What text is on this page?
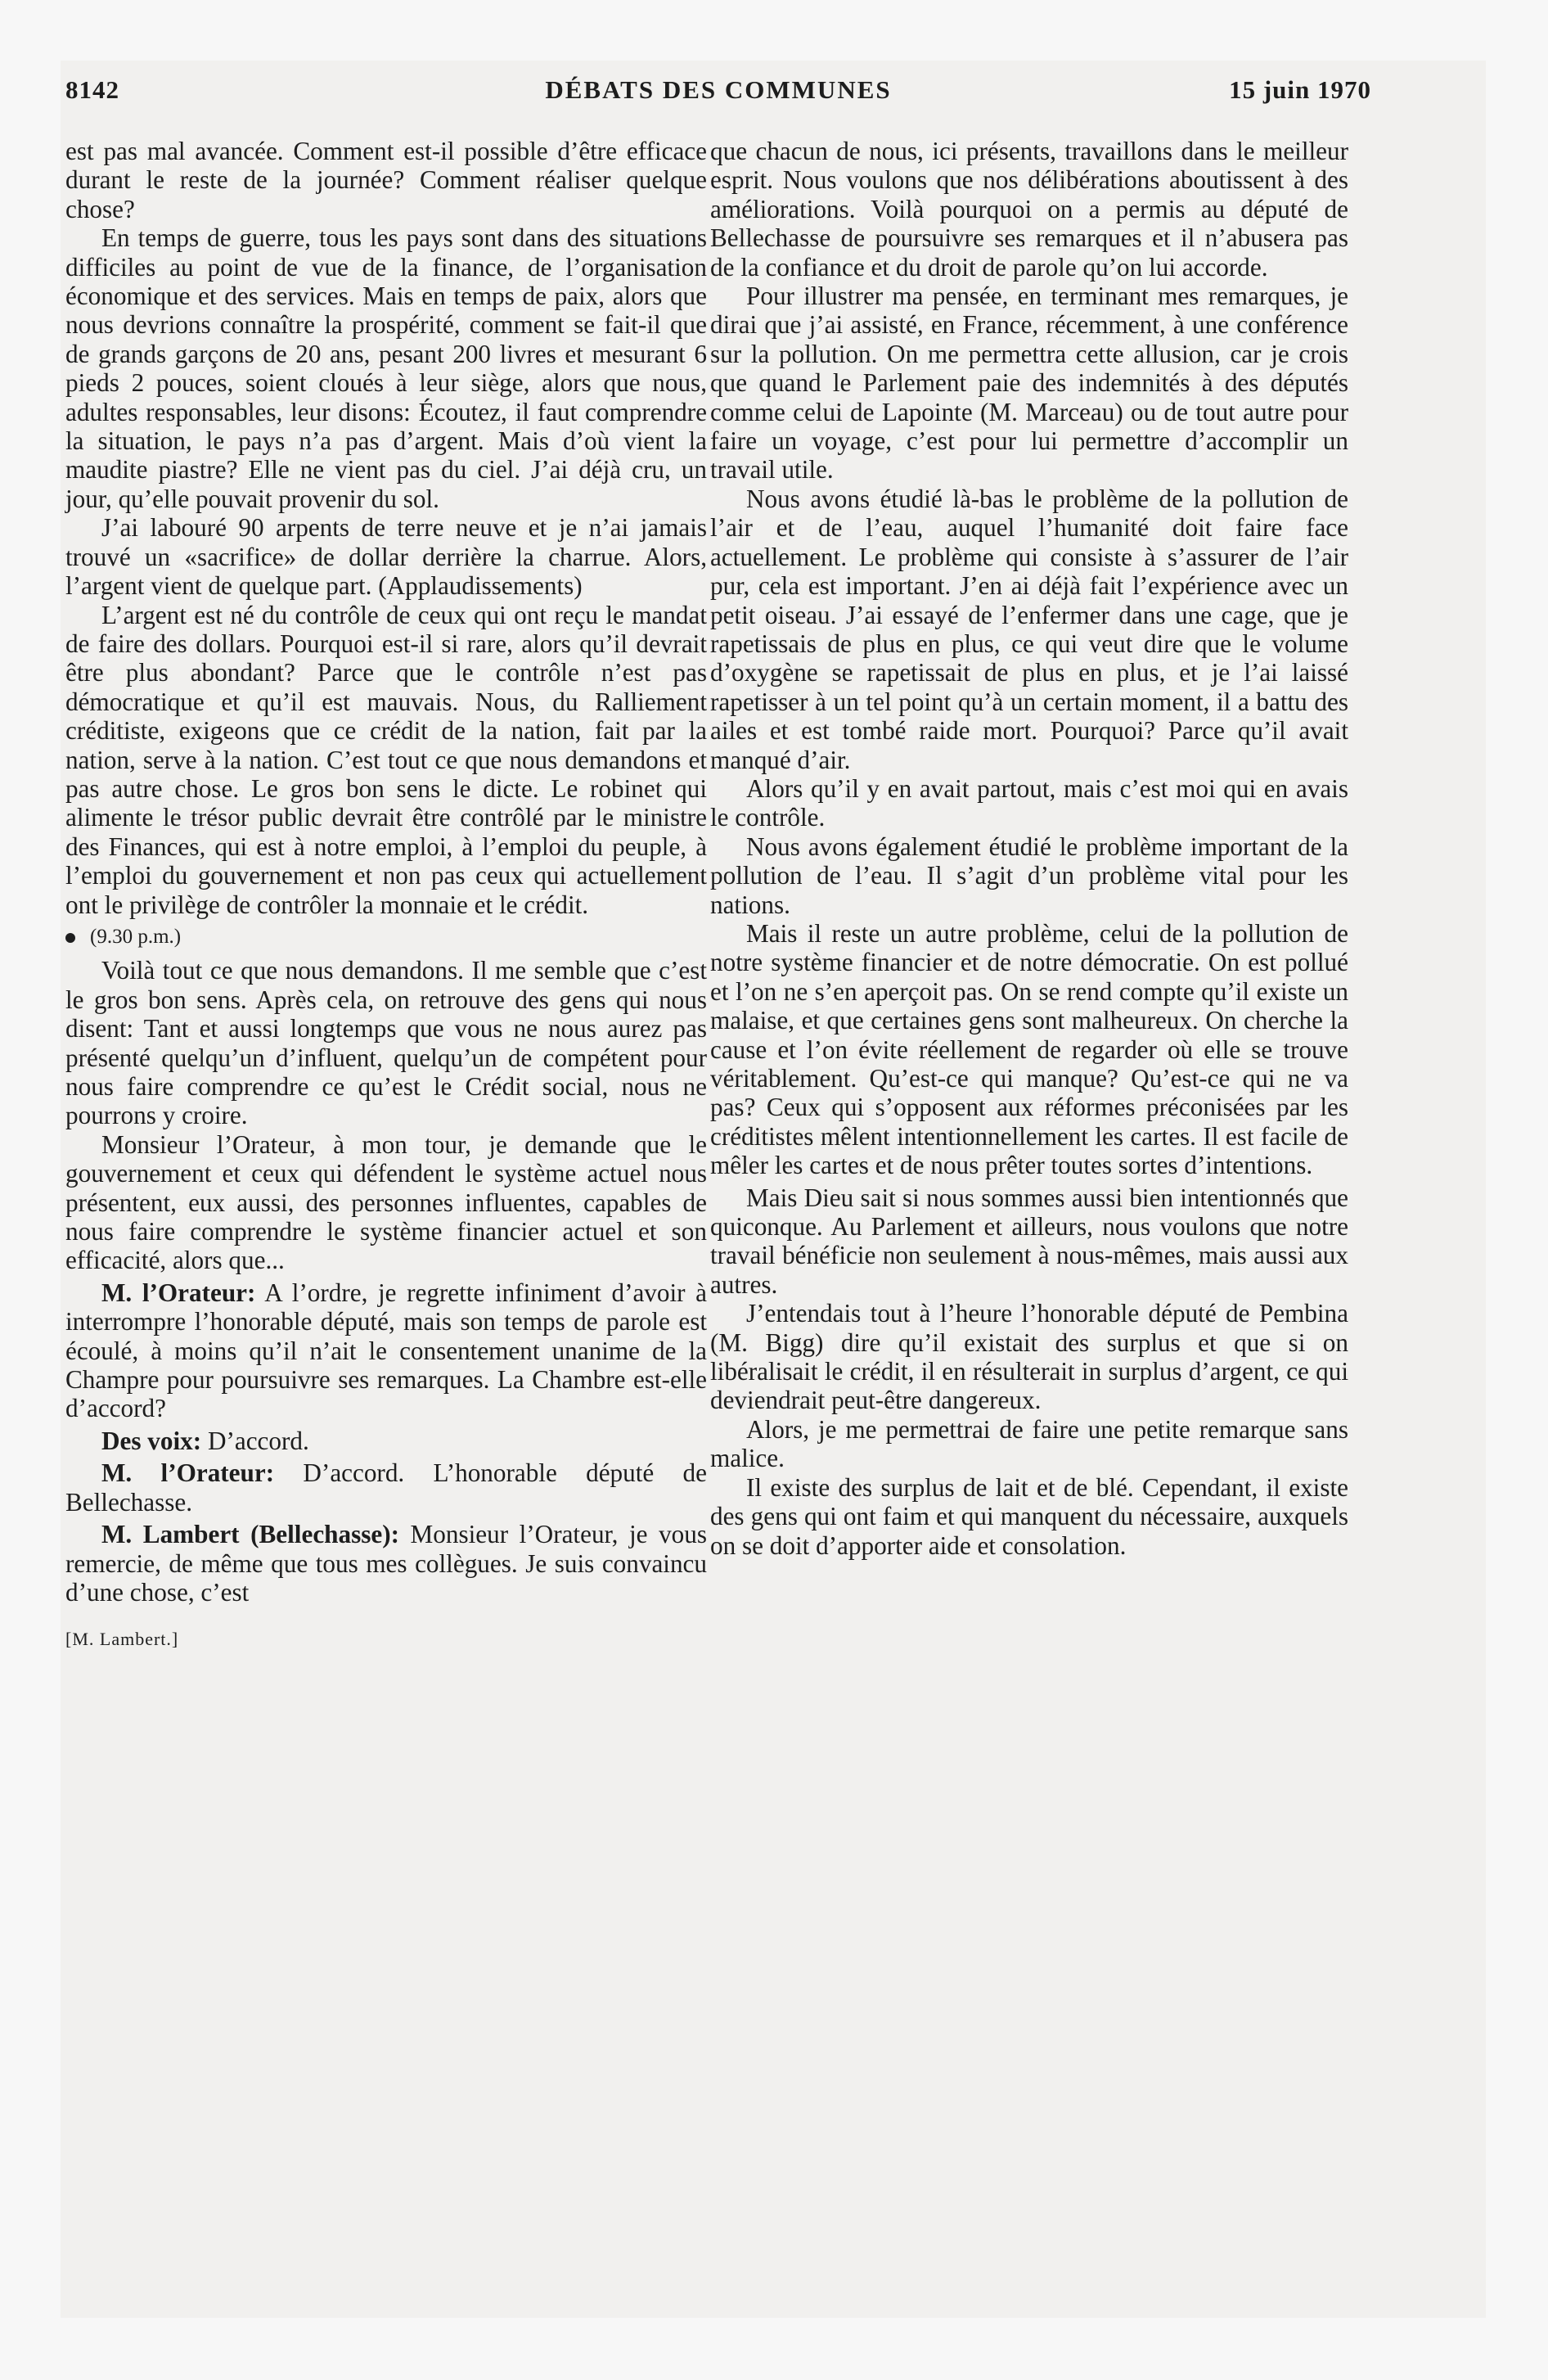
8142	DÉBATS DES COMMUNES	15 juin 1970

est pas mal avancée. Comment est-il possible d’être efficace durant le reste de la journée? Comment réaliser quelque chose?

En temps de guerre, tous les pays sont dans des situations difficiles au point de vue de la finance, de l’organisation économique et des services. Mais en temps de paix, alors que nous devrions connaître la prospérité, comment se fait-il que de grands garçons de 20 ans, pesant 200 livres et mesurant 6 pieds 2 pouces, soient cloués à leur siège, alors que nous, adultes responsables, leur disons: Écoutez, il faut comprendre la situation, le pays n’a pas d’argent. Mais d’où vient la maudite piastre? Elle ne vient pas du ciel. J’ai déjà cru, un jour, qu’elle pouvait provenir du sol.

J’ai labouré 90 arpents de terre neuve et je n’ai jamais trouvé un «sacrifice» de dollar derrière la charrue. Alors, l’argent vient de quelque part. (Applaudissements)

L’argent est né du contrôle de ceux qui ont reçu le mandat de faire des dollars. Pourquoi est-il si rare, alors qu’il devrait être plus abondant? Parce que le contrôle n’est pas démocratique et qu’il est mauvais. Nous, du Ralliement créditiste, exigeons que ce crédit de la nation, fait par la nation, serve à la nation. C’est tout ce que nous demandons et pas autre chose. Le gros bon sens le dicte. Le robinet qui alimente le trésor public devrait être contrôlé par le ministre des Finances, qui est à notre emploi, à l’emploi du peuple, à l’emploi du gouvernement et non pas ceux qui actuellement ont le privilège de contrôler la monnaie et le crédit.

(9.30 p.m.)

Voilà tout ce que nous demandons. Il me semble que c’est le gros bon sens. Après cela, on retrouve des gens qui nous disent: Tant et aussi longtemps que vous ne nous aurez pas présenté quelqu’un d’influent, quelqu’un de compétent pour nous faire comprendre ce qu’est le Crédit social, nous ne pourrons y croire.

Monsieur l’Orateur, à mon tour, je demande que le gouvernement et ceux qui défendent le système actuel nous présentent, eux aussi, des personnes influentes, capables de nous faire comprendre le système financier actuel et son efficacité, alors que...

M. l’Orateur: A l’ordre, je regrette infiniment d’avoir à interrompre l’honorable député, mais son temps de parole est écoulé, à moins qu’il n’ait le consentement unanime de la Champre pour poursuivre ses remarques. La Chambre est-elle d’accord?

Des voix: D’accord.

M. l’Orateur: D’accord. L’honorable député de Bellechasse.

M. Lambert (Bellechasse): Monsieur l’Orateur, je vous remercie, de même que tous mes collègues. Je suis convaincu d’une chose, c’est

[M. Lambert.]

que chacun de nous, ici présents, travaillons dans le meilleur esprit. Nous voulons que nos délibérations aboutissent à des améliorations. Voilà pourquoi on a permis au député de Bellechasse de poursuivre ses remarques et il n’abusera pas de la confiance et du droit de parole qu’on lui accorde.

Pour illustrer ma pensée, en terminant mes remarques, je dirai que j’ai assisté, en France, récemment, à une conférence sur la pollution. On me permettra cette allusion, car je crois que quand le Parlement paie des indemnités à des députés comme celui de Lapointe (M. Marceau) ou de tout autre pour faire un voyage, c’est pour lui permettre d’accomplir un travail utile.

Nous avons étudié là-bas le problème de la pollution de l’air et de l’eau, auquel l’humanité doit faire face actuellement. Le problème qui consiste à s’assurer de l’air pur, cela est important. J’en ai déjà fait l’expérience avec un petit oiseau. J’ai essayé de l’enfermer dans une cage, que je rapetissais de plus en plus, ce qui veut dire que le volume d’oxygène se rapetissait de plus en plus, et je l’ai laissé rapetisser à un tel point qu’à un certain moment, il a battu des ailes et est tombé raide mort. Pourquoi? Parce qu’il avait manqué d’air.

Alors qu’il y en avait partout, mais c’est moi qui en avais le contrôle.

Nous avons également étudié le problème important de la pollution de l’eau. Il s’agit d’un problème vital pour les nations.

Mais il reste un autre problème, celui de la pollution de notre système financier et de notre démocratie. On est pollué et l’on ne s’en aperçoit pas. On se rend compte qu’il existe un malaise, et que certaines gens sont malheureux. On cherche la cause et l’on évite réellement de regarder où elle se trouve véritablement. Qu’est-ce qui manque? Qu’est-ce qui ne va pas? Ceux qui s’opposent aux réformes préconisées par les créditistes mêlent intentionnellement les cartes. Il est facile de mêler les cartes et de nous prêter toutes sortes d’intentions.

Mais Dieu sait si nous sommes aussi bien intentionnés que quiconque. Au Parlement et ailleurs, nous voulons que notre travail bénéficie non seulement à nous-mêmes, mais aussi aux autres.

J’entendais tout à l’heure l’honorable député de Pembina (M. Bigg) dire qu’il existait des surplus et que si on libéralisait le crédit, il en résulterait in surplus d’argent, ce qui deviendrait peut-être dangereux.

Alors, je me permettrai de faire une petite remarque sans malice.

Il existe des surplus de lait et de blé. Cependant, il existe des gens qui ont faim et qui manquent du nécessaire, auxquels on se doit d’apporter aide et consolation.
